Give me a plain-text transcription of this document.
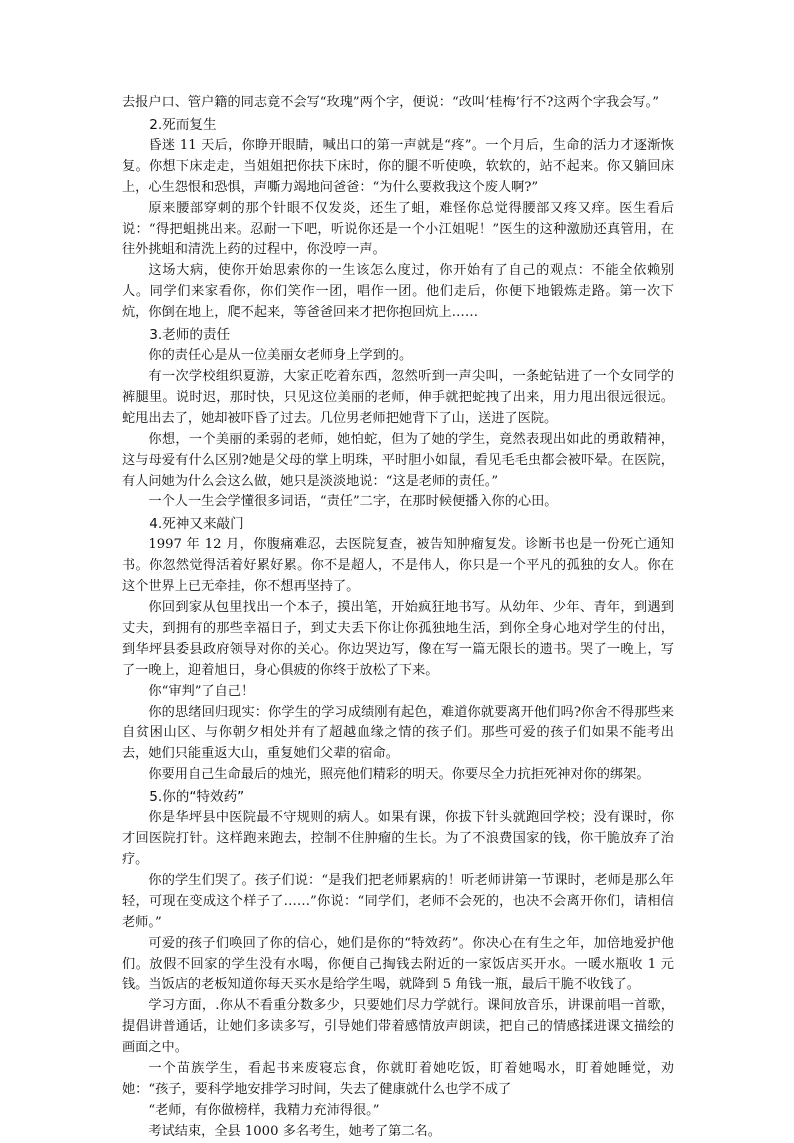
去报户口、管户籍的同志竟不会写“玫瑰”两个字，便说：“改叫‘桂梅’行不?这两个字我会写。”

2.死而复生

昏迷 11 天后，你睁开眼睛，喊出口的第一声就是“疼”。一个月后，生命的活力才逐渐恢复。你想下床走走，当姐姐把你扶下床时，你的腿不听使唤，软软的，站不起来。你又躺回床上，心生怨恨和恐惧，声嘶力竭地问爸爸：“为什么要救我这个废人啊?”

原来腰部穿刺的那个针眼不仅发炎，还生了蛆，难怪你总觉得腰部又疼又痒。医生看后说：“得把蛆挑出来。忍耐一下吧，听说你还是一个小江姐呢！”医生的这种激励还真管用，在往外挑蛆和清洗上药的过程中，你没哼一声。

这场大病，使你开始思索你的一生该怎么度过，你开始有了自己的观点：不能全依赖别人。同学们来家看你，你们笑作一团，唱作一团。他们走后，你便下地锻炼走路。第一次下炕，你倒在地上，爬不起来，等爸爸回来才把你抱回炕上……

3.老师的责任

你的责任心是从一位美丽女老师身上学到的。

有一次学校组织夏游，大家正吃着东西，忽然听到一声尖叫，一条蛇钻进了一个女同学的裤腿里。说时迟，那时快，只见这位美丽的老师，伸手就把蛇拽了出来，用力甩出很远很远。蛇甩出去了，她却被吓昏了过去。几位男老师把她背下了山，送进了医院。

你想，一个美丽的柔弱的老师，她怕蛇，但为了她的学生，竟然表现出如此的勇敢精神，这与母爱有什么区别?她是父母的掌上明珠，平时胆小如鼠，看见毛毛虫都会被吓晕。在医院，有人问她为什么会这么做，她只是淡淡地说：“这是老师的责任。”

一个人一生会学懂很多词语，“责任”二字，在那时候便播入你的心田。

4.死神又来敲门

1997 年 12 月，你腹痛难忍，去医院复查，被告知肿瘤复发。诊断书也是一份死亡通知书。你忽然觉得活着好累好累。你不是超人，不是伟人，你只是一个平凡的孤独的女人。你在这个世界上已无牵挂，你不想再坚持了。

你回到家从包里找出一个本子，摸出笔，开始疯狂地书写。从幼年、少年、青年，到遇到丈夫，到拥有的那些幸福日子，到丈夫丢下你让你孤独地生活，到你全身心地对学生的付出，到华坪县委县政府领导对你的关心。你边哭边写，像在写一篇无限长的遗书。哭了一晚上，写了一晚上，迎着旭日，身心俱疲的你终于放松了下来。

你“审判”了自己！

你的思绪回归现实：你学生的学习成绩刚有起色，难道你就要离开他们吗?你舍不得那些来自贫困山区、与你朝夕相处并有了超越血缘之情的孩子们。那些可爱的孩子们如果不能考出去，她们只能重返大山，重复她们父辈的宿命。

你要用自己生命最后的烛光，照亮他们精彩的明天。你要尽全力抗拒死神对你的绑架。

5.你的“特效药”

你是华坪县中医院最不守规则的病人。如果有课，你拔下针头就跑回学校；没有课时，你才回医院打针。这样跑来跑去，控制不住肿瘤的生长。为了不浪费国家的钱，你干脆放弃了治疗。

你的学生们哭了。孩子们说：“是我们把老师累病的！听老师讲第一节课时，老师是那么年轻，可现在变成这个样子了……”你说：“同学们，老师不会死的，也决不会离开你们，请相信老师。”

可爱的孩子们唤回了你的信心，她们是你的“特效药”。你决心在有生之年，加倍地爱护他们。放假不回家的学生没有水喝，你便自己掏钱去附近的一家饭店买开水。一暖水瓶收 1 元钱。当饭店的老板知道你每天买水是给学生喝，就降到 5 角钱一瓶，最后干脆不收钱了。

学习方面，.你从不看重分数多少，只要她们尽力学就行。课间放音乐，讲课前唱一首歌，提倡讲普通话，让她们多读多写，引导她们带着感情放声朗读，把自己的情感揉进课文描绘的画面之中。

一个苗族学生，看起书来废寝忘食，你就盯着她吃饭，盯着她喝水，盯着她睡觉，劝她：“孩子，要科学地安排学习时间，失去了健康就什么也学不成了

“老师，有你做榜样，我精力充沛得很。”

考试结束，全县 1000 多名考生，她考了第二名。
